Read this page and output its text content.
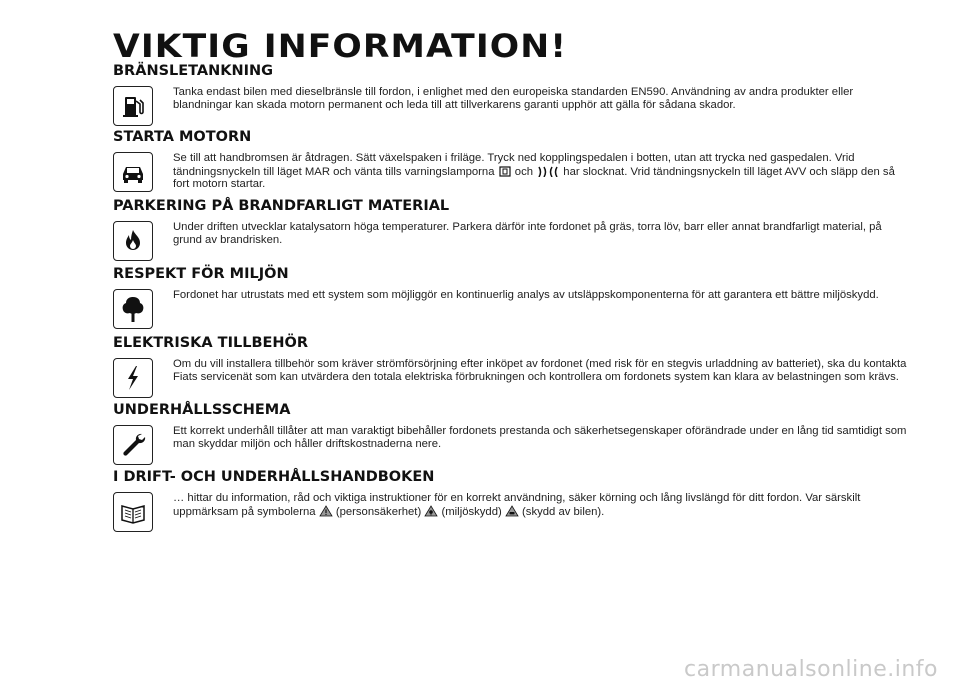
VIKTIG INFORMATION!
BRÄNSLETANKNING

Tanka endast bilen med dieselbränsle till fordon, i enlighet med den europeiska standarden EN590. Användning av andra produkter eller blandningar kan skada motorn permanent och leda till att tillverkarens garanti upphör att gälla för sådana skador.

STARTA MOTORN

Se till att handbromsen är åtdragen. Sätt växelspaken i friläge. Tryck ned kopplingspedalen i botten, utan att trycka ned gaspedalen. Vrid tändningsnyckeln till läget MAR och vänta tills varningslamporna och	har slocknat. Vrid tändningsnyckeln till läget AVV och släpp den så fort motorn startar.

PARKERING PÅ BRANDFARLIGT MATERIAL

Under driften utvecklar katalysatorn höga temperaturer. Parkera därför inte fordonet på gräs, torra löv, barr eller annat brandfarligt material, på grund av brandrisken.

RESPEKT FÖR MILJÖN

Fordonet har utrustats med ett system som möjliggör en kontinuerlig analys av utsläppskomponenterna för att garantera ett bättre miljöskydd.

ELEKTRISKA TILLBEHÖR

Om du vill installera tillbehör som kräver strömförsörjning efter inköpet av fordonet (med risk för en stegvis urladdning av batteriet), ska du kontakta Fiats servicenät som kan utvärdera den totala elektriska förbrukningen och kontrollera om fordonets system kan klara av belastningen som krävs.

UNDERHÅLLSSCHEMA

Ett korrekt underhåll tillåter att man varaktigt bibehåller fordonets prestanda och säkerhetsegenskaper oförändrade under en lång tid samtidigt som man skyddar miljön och håller driftskostnaderna nere.

I DRIFT- OCH UNDERHÅLLSHANDBOKEN

… hittar du information, råd och viktiga instruktioner för en korrekt användning, säker körning och lång livslängd för ditt fordon. Var särskilt uppmärksam på symbolerna (personsäkerhet) (miljöskydd) (skydd av bilen).

carmanualsonline.info
